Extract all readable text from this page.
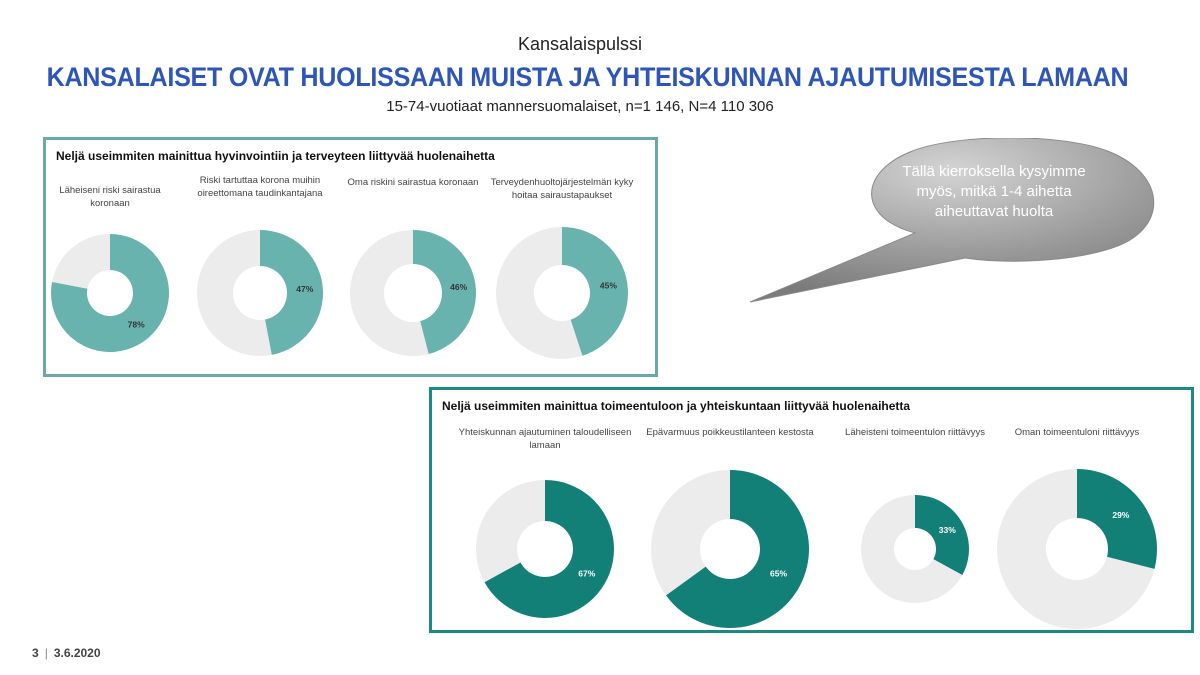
Kansalaispulssi
KANSALAISET OVAT HUOLISSAAN MUISTA JA YHTEISKUNNAN AJAUTUMISESTA LAMAAN
15-74-vuotiaat mannersuomalaiset, n=1 146, N=4 110 306
Neljä useimmiten mainittua hyvinvointiin ja terveyteen liittyvää huolenaihetta
Läheiseni riski sairastua koronaan
78%
Riski tartuttaa korona muihin oireettomana taudinkantajana
47%
Oma riskini sairastua koronaan
46%
Terveydenhuoltojärjestelmän kyky hoitaa sairaustapaukset
45%
Neljä useimmiten mainittua toimeentuloon ja yhteiskuntaan liittyvää huolenaihetta
Yhteiskunnan ajautuminen taloudelliseen lamaan
67%
Epävarmuus poikkeustilanteen kestosta
65%
Läheisteni toimeentulon riittävyys
33%
Oman toimeentuloni riittävyys
29%
Tällä kierroksella kysyimme myös, mitkä 1-4 aihetta aiheuttavat huolta
3 | 3.6.2020
